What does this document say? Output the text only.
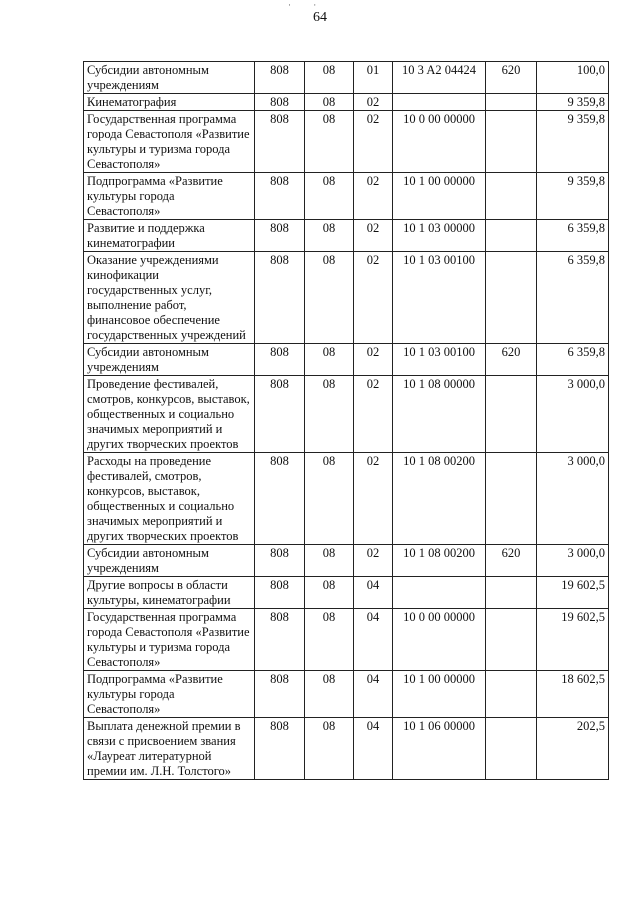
· ·
64
Субсидии автономным учреждениям	808	08	01	10 3 A2 04424	620	100,0
Кинематография	808	08	02			9 359,8
Государственная программа города Севастополя «Развитие культуры и туризма города Севастополя»	808	08	02	10 0 00 00000		9 359,8
Подпрограмма «Развитие культуры города Севастополя»	808	08	02	10 1 00 00000		9 359,8
Развитие и поддержка кинематографии	808	08	02	10 1 03 00000		6 359,8
Оказание учреждениями кинофикации государственных услуг, выполнение работ, финансовое обеспечение государственных учреждений	808	08	02	10 1 03 00100		6 359,8
Субсидии автономным учреждениям	808	08	02	10 1 03 00100	620	6 359,8
Проведение фестивалей, смотров, конкурсов, выставок, общественных и социально значимых мероприятий и других творческих проектов	808	08	02	10 1 08 00000		3 000,0
Расходы на проведение фестивалей, смотров, конкурсов, выставок, общественных и социально значимых мероприятий и других творческих проектов	808	08	02	10 1 08 00200		3 000,0
Субсидии автономным учреждениям	808	08	02	10 1 08 00200	620	3 000,0
Другие вопросы в области культуры, кинематографии	808	08	04			19 602,5
Государственная программа города Севастополя «Развитие культуры и туризма города Севастополя»	808	08	04	10 0 00 00000		19 602,5
Подпрограмма «Развитие культуры города Севастополя»	808	08	04	10 1 00 00000		18 602,5
Выплата денежной премии в связи с присвоением звания «Лауреат литературной премии им. Л.Н. Толстого»	808	08	04	10 1 06 00000		202,5
